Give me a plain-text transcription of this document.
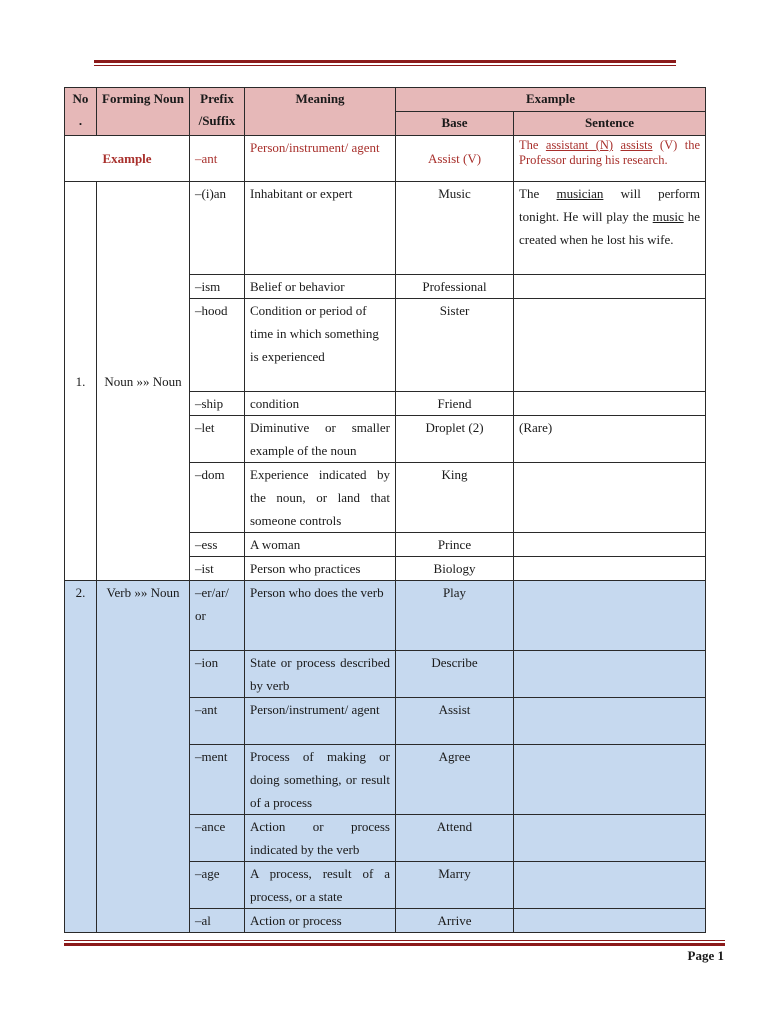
No .	Forming Noun	Prefix /Suffix	Meaning	Example	
				Base	Sentence
Example		–ant	Person/instrument/ agent	Assist (V)	The assistant (N) assists (V) the Professor during his research.
1.	Noun »» Noun	–(i)an	Inhabitant or expert	Music	The musician will perform tonight. He will play the music he created when he lost his wife.
		–ism	Belief or behavior	Professional	
		–hood	Condition or period of time in which something is experienced	Sister	
		–ship	condition	Friend	
		–let	Diminutive or smaller example of the noun	Droplet (2)	(Rare)
		–dom	Experience indicated by the noun, or land that someone controls	King	
		–ess	A woman	Prince	
		–ist	Person who practices	Biology	
2.	Verb »» Noun	–er/ar/ or	Person who does the verb	Play	
		–ion	State or process described by verb	Describe	
		–ant	Person/instrument/ agent	Assist	
		–ment	Process of making or doing something, or result of a process	Agree	
		–ance	Action or process indicated by the verb	Attend	
		–age	A process, result of a process, or a state	Marry	
		–al	Action or process	Arrive	
Page 1
